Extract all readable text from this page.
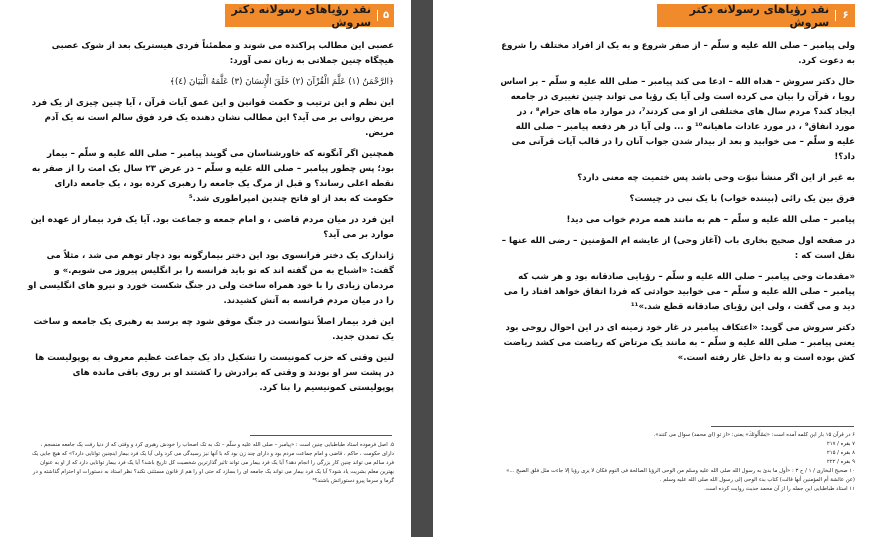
۵
نقد رؤیاهای رسولانه دکتر سروش

عصبی این مطالب پراکنده می شوند و مطمئناً فردی هیستریک بعد از شوک عصبی هیچگاه چنین جملاتی به زبان نمی آورد:

﴿الرَّحْمَنُ (١) عَلَّمَ الْقُرْآنَ (٢) خَلَقَ الْإِنسَانَ (٣) عَلَّمَهُ الْبَيَانَ (٤)﴾

این نظم و این ترتیب و حکمت قوانین و این عمق آیات قرآن ، آیا چنین چیزی از یک فرد مریض روانی بر می آید؟ این مطالب نشان دهنده یک فرد فوق سالم است نه یک آدم مریض.

همچنین اگر آنگونه که خاورشناسان می گویند پیامبر – صلی الله علیه و سلّم – بیمار بود؛ پس چطور پیامبر – صلی الله علیه و سلّم – در عرض ۲۳ سال یک امت را از صفر به نقطه اعلی رساند؟ و قبل از مرگ یک جامعه را رهبری کرده بود ، یک جامعه دارای حکومت که بعد از او فاتح چندین امپراطوری شد.⁵

این فرد در میان مردم قاضی ، و امام جمعه و جماعت بود. آیا یک فرد بیمار از عهده این موارد بر می آید؟

ژاندارک یک دختر فرانسوی بود این دختر بیمارگونه بود دچار توهم می شد ، مثلاً می گفت: «اشباح به من گفته اند که تو باید فرانسه را بر انگلیس پیروز می شویم.» و مردمان زیادی را با خود همراه ساخت ولی در جنگ شکست خورد و نیرو های انگلیسی او را در میان مردم فرانسه به آتش کشیدند.

این فرد بیمار اصلاً نتوانست در جنگ موفق شود چه برسد به رهبری یک جامعه و ساخت یک تمدن جدید.

لنین وقتی که حزب کمونیست را تشکیل داد یک جماعت عظیم معروف به پوپولیست ها در پشت سر او بودند و وقتی که برادرش را کشتند او بر روی باقی مانده های پوپولیستی کمونیسیم را بنا کرد.

۵. اصل فرموده استاد طباطبایی چنین است : «پیامبر – صلی الله علیه و سلّم – تک به تک اصحاب را خودش رهبری کرد و وقتی که از دنیا رفت یک جامعه منسجم ، دارای حکومت ، حاکم ، قاضی و امام جماعت مردم بود و دارای چند زن بود که با آنها نیز رسیدگی می کرد ولی آیا یک فرد بیمار اینچنین توانایی دارد؟» که هیچ جایی یک فرد سالم می تواند چنین کار بزرگی را انجام دهد؟ آیا یک فرد بیمار می تواند تاثیر گذارترین شخصیت کل تاریخ باشد؟ آیا یک فرد بیمار توانایی دارد که از او به عنوان بهترین معلم بشریت یاد شود؟ آیا یک فرد بیمار می تواند یک جامعه ای را بسازد که حتی او را هم از قانون مستثنی نکند؟ نظر استاد به دستورات او احترام گذاشته و در گرما و سرما پیرو دستوراتش باشند؟⁶

۶
نقد رؤیاهای رسولانه دکتر سروش

ولی پیامبر – صلی الله علیه و سلّم – از صفر شروع و به یک از افراد مختلف را شروع به دعوت کرد.

حال دکتر سروش – هداه الله – ادعا می کند پیامبر – صلی الله علیه و سلّم – بر اساس رویا ، قرآن را بیان می کرده است ولی آیا یک رؤیا می تواند چنین تغییری در جامعه ایجاد کند؟ مردم سال های مختلفی از او می کردند⁷، در موارد ماه های حرام⁸ ، در مورد انفاق⁹ ، در مورد عادات ماهیانه¹⁰ و ... ولی آیا در هر دفعه پیامبر – صلی الله علیه و سلّم – می خوابید و بعد از بیدار شدن جواب آنان را در قالب آیات قرآنی می داد؟!

به غیر از این اگر منشأ نبوّت وحی باشد پس ختمیت چه معنی دارد؟

فرق بین یک رائی (بیننده خواب) با یک نبی در چیست؟

پیامبر – صلی الله علیه و سلّم – هم به مانند همه مردم خواب می دید!

در صفحه اول صحیح بخاری باب (آغاز وحی) از عایشه ام المؤمنین – رضی الله عنها – نقل است که :

«مقدمات وحی پیامبر – صلی الله علیه و سلّم – رؤیایی صادقانه بود و هر شب که پیامبر – صلی الله علیه و سلّم – می خوابید حوادثی که فردا اتفاق خواهد افتاد را می دید و می گفت ، ولی این رؤیای صادقانه قطع شد.»¹¹

دکتر سروش می گوید: «اعتکاف پیامبر در غار خود زمینه ای در این احوال روحی بود یعنی پیامبر – صلی الله علیه و سلّم – به مانند یک مرتاض که ریاضت می کشد ریاضت کش بوده است و به داخل غار رفته است.»

۶ در قرآن ۱۵ بار این کلمه آمده است: «یَسْأَلُونَكَ» یعنی: «از تو (ای محمد) سوال می کنند».

۷ بقره / ۲۱۷

۸ بقره / ۲۱۵

۹ بقره / ۲۲۲

۱۰ صحیح البخاری / ۱ / ح ۳ : «أول ما بدئ به رسول الله صلی الله علیه وسلم من الوحی الرؤیا الصالحة فی النوم فكان لا یری رؤیا إلا جاءت مثل فلق الصبح ...» (عن عائشة أم المؤمنین أنها قالت) کتاب بدء الوحی إلی رسول الله صلی الله علیه وسلم .

۱۱ استاد طباطبایی این جمله را از آن محمد حدیث روایت کرده است.
